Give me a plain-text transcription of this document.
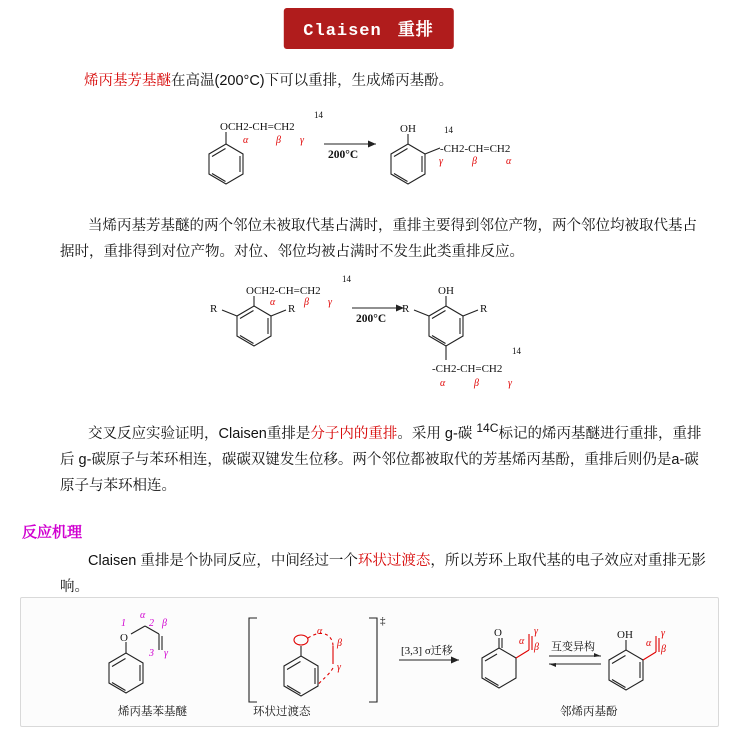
Claisen 重排

烯丙基芳基醚在高温(200°C)下可以重排，生成烯丙基酚。

OCH2-CH=CH2
14
α	β γ
200°C
OH
-CH2-CH=CH2
14
γ	β	α

当烯丙基芳基醚的两个邻位未被取代基占满时，重排主要得到邻位产物，两个邻位均被取代基占据时，重排得到对位产物。对位、邻位均被占满时不发生此类重排反应。

OCH2-CH=CH2
14
R	R
α	β γ
200°C
OH
R	R
-CH2-CH=CH2
14
α	β	γ

交叉反应实验证明，Claisen重排是分子内的重排。采用 g-碳 $^{14C}$标记的烯丙基醚进行重排，重排后 g-碳原子与苯环相连，碳碳双键发生位移。两个邻位都被取代的芳基烯丙基酚，重排后则仍是a-碳原子与苯环相连。

反应机理

Claisen 重排是个协同反应，中间经过一个环状过渡态，所以芳环上取代基的电子效应对重排无影响。

O
α
β
γ
1 2
3
‡
α
β
γ
[3,3] σ迁移
O
α
β
γ
互变异构
OH
α
β
γ
烯丙基苯基醚	环状过渡态	邻烯丙基酚
